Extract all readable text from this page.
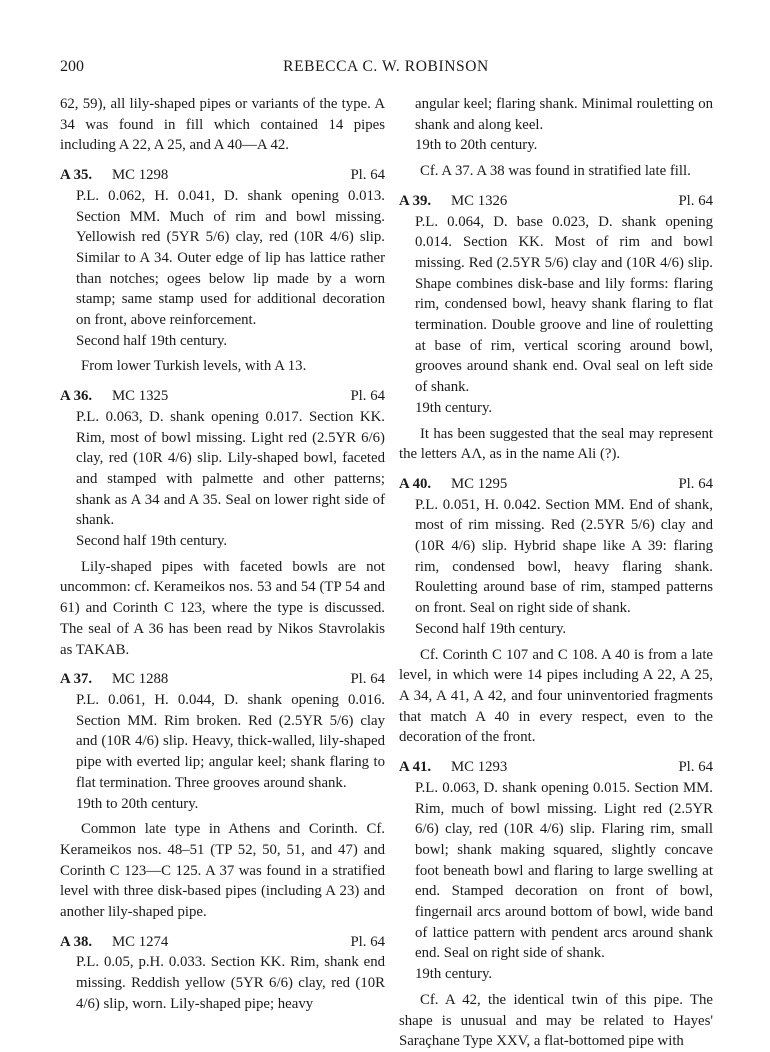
200	REBECCA C. W. ROBINSON

62, 59), all lily-shaped pipes or variants of the type. A 34 was found in fill which contained 14 pipes including A 22, A 25, and A 40—A 42.

A 35. MC 1298	Pl. 64

P.L. 0.062, H. 0.041, D. shank opening 0.013. Section MM. Much of rim and bowl missing. Yellowish red (5YR 5/6) clay, red (10R 4/6) slip. Similar to A 34. Outer edge of lip has lattice rather than notches; ogees below lip made by a worn stamp; same stamp used for additional decoration on front, above reinforcement.

Second half 19th century.

From lower Turkish levels, with A 13.

A 36. MC 1325	Pl. 64

P.L. 0.063, D. shank opening 0.017. Section KK. Rim, most of bowl missing. Light red (2.5YR 6/6) clay, red (10R 4/6) slip. Lily-shaped bowl, faceted and stamped with palmette and other patterns; shank as A 34 and A 35. Seal on lower right side of shank.

Second half 19th century.

Lily-shaped pipes with faceted bowls are not uncommon: cf. Kerameikos nos. 53 and 54 (TP 54 and 61) and Corinth C 123, where the type is discussed. The seal of A 36 has been read by Nikos Stavrolakis as TAKAB.

A 37. MC 1288	Pl. 64

P.L. 0.061, H. 0.044, D. shank opening 0.016. Section MM. Rim broken. Red (2.5YR 5/6) clay and (10R 4/6) slip. Heavy, thick-walled, lily-shaped pipe with everted lip; angular keel; shank flaring to flat termination. Three grooves around shank.

19th to 20th century.

Common late type in Athens and Corinth. Cf. Kerameikos nos. 48–51 (TP 52, 50, 51, and 47) and Corinth C 123—C 125. A 37 was found in a stratified level with three disk-based pipes (including A 23) and another lily-shaped pipe.

A 38. MC 1274	Pl. 64

P.L. 0.05, p.H. 0.033. Section KK. Rim, shank end missing. Reddish yellow (5YR 6/6) clay, red (10R 4/6) slip, worn. Lily-shaped pipe; heavy

angular keel; flaring shank. Minimal rouletting on shank and along keel.

19th to 20th century.

Cf. A 37. A 38 was found in stratified late fill.

A 39. MC 1326	Pl. 64

P.L. 0.064, D. base 0.023, D. shank opening 0.014. Section KK. Most of rim and bowl missing. Red (2.5YR 5/6) clay and (10R 4/6) slip. Shape combines disk-base and lily forms: flaring rim, condensed bowl, heavy shank flaring to flat termination. Double groove and line of rouletting at base of rim, vertical scoring around bowl, grooves around shank end. Oval seal on left side of shank.

19th century.

It has been suggested that the seal may represent the letters ΑΛ, as in the name Ali (?).

A 40. MC 1295	Pl. 64

P.L. 0.051, H. 0.042. Section MM. End of shank, most of rim missing. Red (2.5YR 5/6) clay and (10R 4/6) slip. Hybrid shape like A 39: flaring rim, condensed bowl, heavy flaring shank. Rouletting around base of rim, stamped patterns on front. Seal on right side of shank.

Second half 19th century.

Cf. Corinth C 107 and C 108. A 40 is from a late level, in which were 14 pipes including A 22, A 25, A 34, A 41, A 42, and four uninventoried fragments that match A 40 in every respect, even to the decoration of the front.

A 41. MC 1293	Pl. 64

P.L. 0.063, D. shank opening 0.015. Section MM. Rim, much of bowl missing. Light red (2.5YR 6/6) clay, red (10R 4/6) slip. Flaring rim, small bowl; shank making squared, slightly concave foot beneath bowl and flaring to large swelling at end. Stamped decoration on front of bowl, fingernail arcs around bottom of bowl, wide band of lattice pattern with pendent arcs around shank end. Seal on right side of shank.

19th century.

Cf. A 42, the identical twin of this pipe. The shape is unusual and may be related to Hayes' Saraçhane Type XXV, a flat-bottomed pipe with
